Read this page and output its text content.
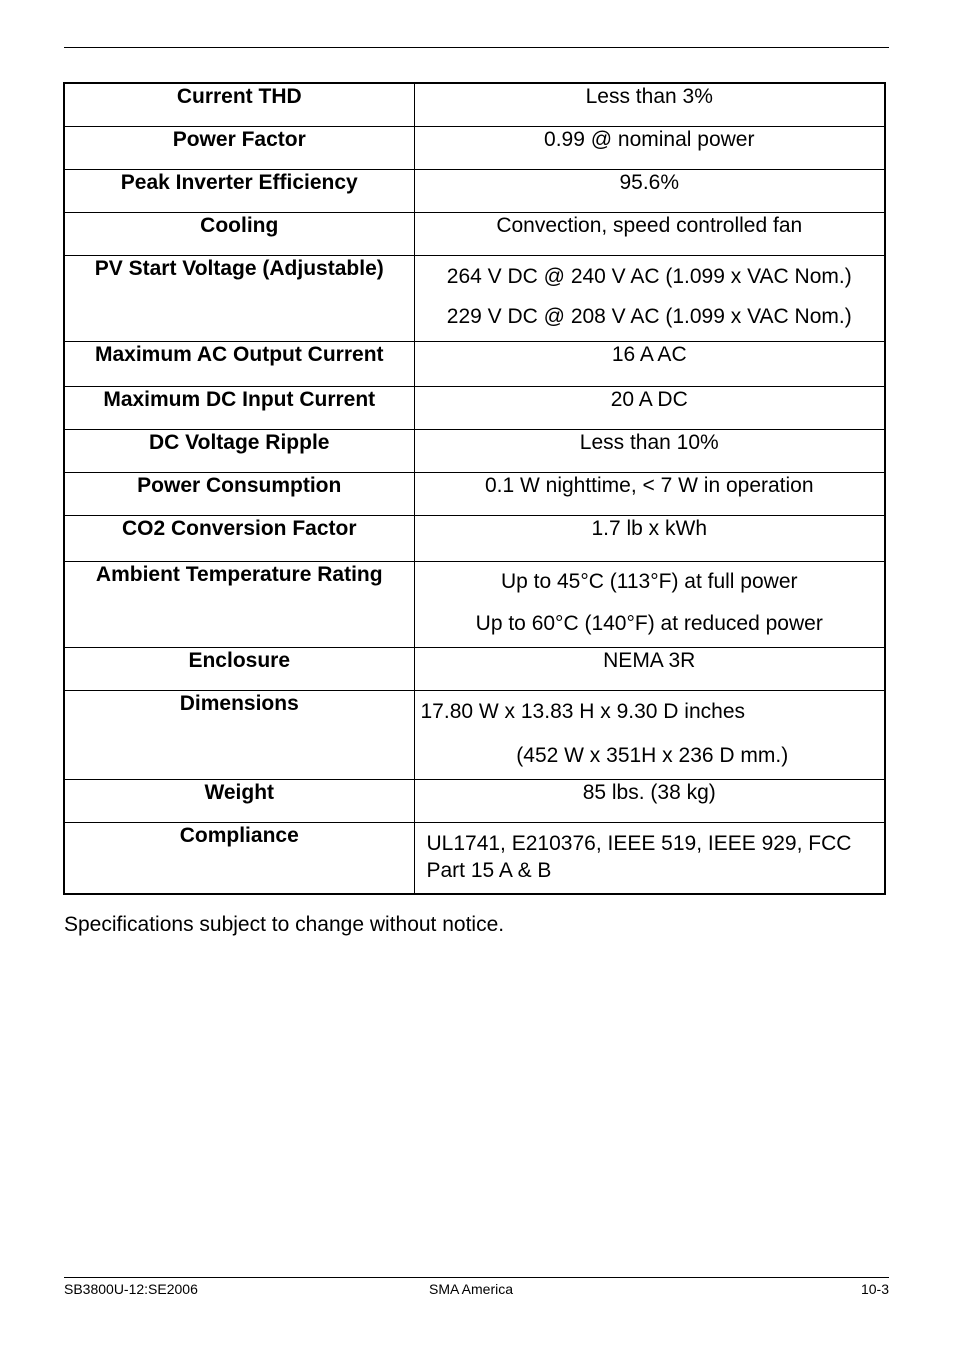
Current THD	Less than 3%

Power Factor	0.99 @ nominal power

Peak Inverter Efficiency	95.6%

Cooling	Convection, speed controlled fan

PV Start Voltage (Adjustable)	264 V DC @ 240 V AC (1.099 x VAC Nom.)
229 V DC @ 208 V AC (1.099 x VAC Nom.)

Maximum AC Output Current	16 A AC

Maximum DC Input Current	20 A DC

DC Voltage Ripple	Less than 10%

Power Consumption	0.1 W nighttime, < 7 W in operation

CO2 Conversion Factor	1.7 lb x kWh

Ambient Temperature Rating	Up to 45°C (113°F) at full power
Up to 60°C (140°F) at reduced power

Enclosure	NEMA 3R

Dimensions	17.80 W x 13.83 H x 9.30 D inches
(452 W x 351H x 236 D mm.)

Weight	85 lbs. (38 kg)

Compliance	UL1741, E210376, IEEE 519, IEEE 929, FCC Part 15 A & B
Specifications subject to change without notice.
SB3800U-12:SE2006	SMA America	10-3
